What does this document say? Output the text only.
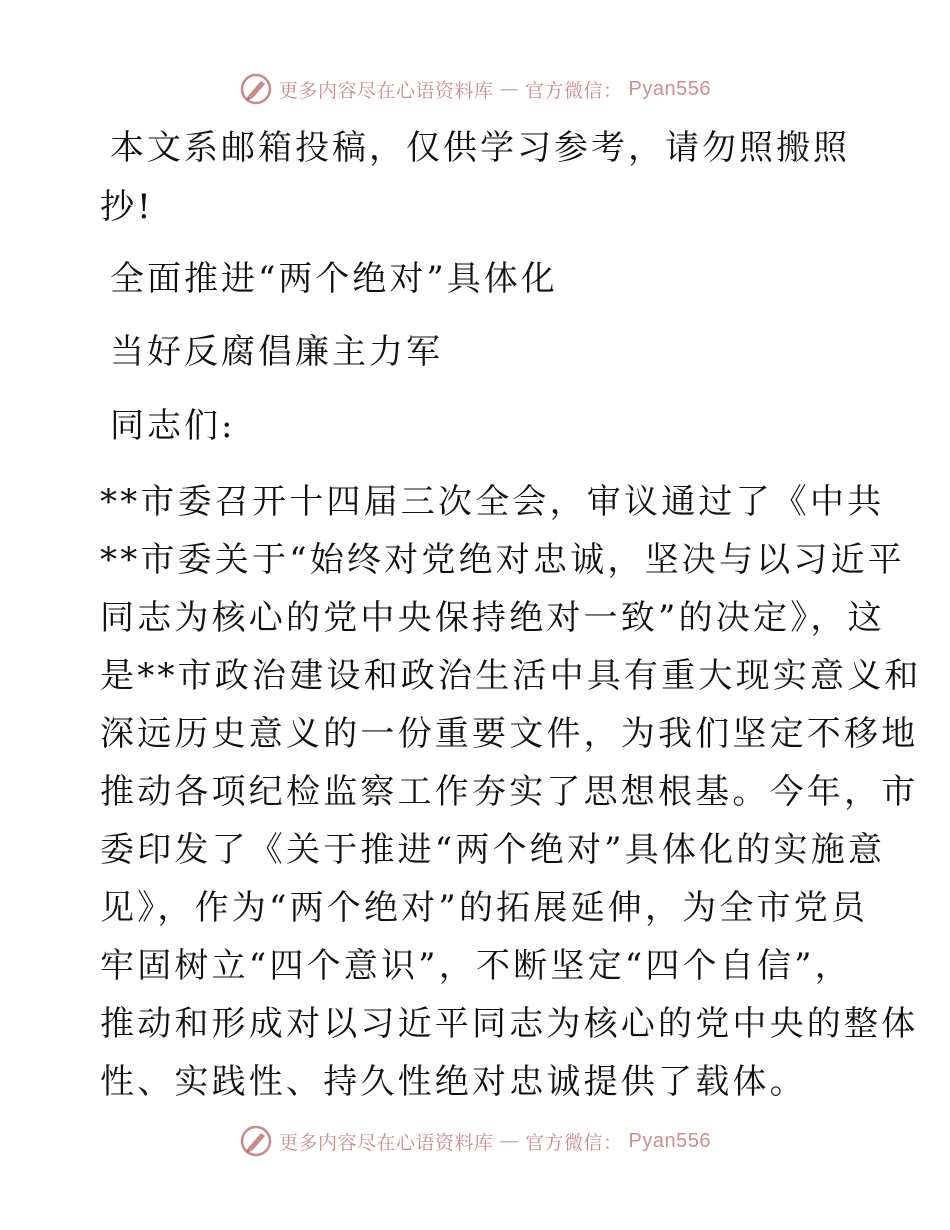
更多内容尽在心语资料库 — 官方微信： Pyan556
本文系邮箱投稿，仅供学习参考，请勿照搬照
抄!
全面推进“两个绝对”具体化
当好反腐倡廉主力军
同志们:
**市委召开十四届三次全会，审议通过了《中共
**市委关于“始终对党绝对忠诚，坚决与以习近平
同志为核心的党中央保持绝对一致”的决定》，这
是**市政治建设和政治生活中具有重大现实意义和
深远历史意义的一份重要文件，为我们坚定不移地
推动各项纪检监察工作夯实了思想根基。今年，市
委印发了《关于推进“两个绝对”具体化的实施意
见》，作为“两个绝对”的拓展延伸，为全市党员
牢固树立“四个意识”，不断坚定“四个自信”，
推动和形成对以习近平同志为核心的党中央的整体
性、实践性、持久性绝对忠诚提供了载体。
更多内容尽在心语资料库 — 官方微信： Pyan556
